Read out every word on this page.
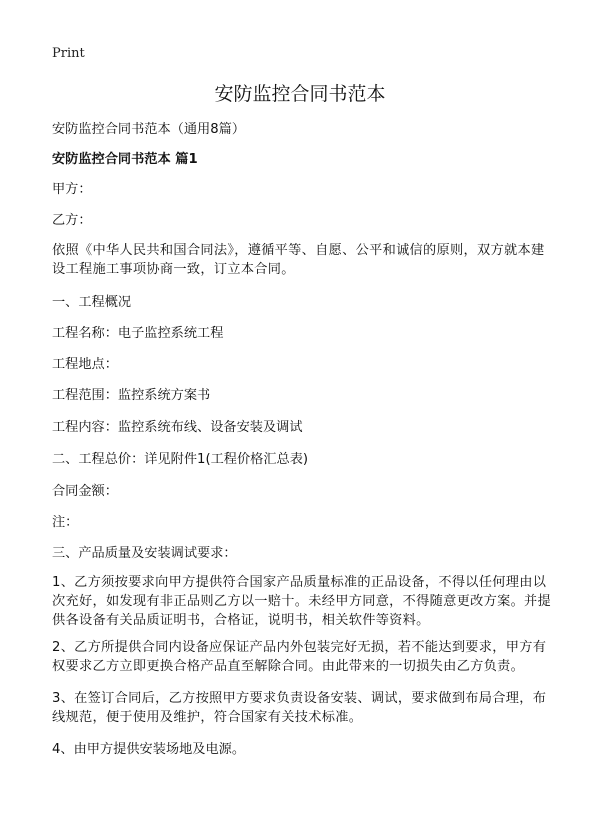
Print
安防监控合同书范本

安防监控合同书范本（通用8篇）

安防监控合同书范本 篇1

甲方：

乙方：

依照《中华人民共和国合同法》，遵循平等、自愿、公平和诚信的原则，双方就本建设工程施工事项协商一致，订立本合同。

一、工程概况

工程名称：电子监控系统工程

工程地点：

工程范围：监控系统方案书

工程内容：监控系统布线、设备安装及调试

二、工程总价：详见附件1(工程价格汇总表)

合同金额：

注：

三、产品质量及安装调试要求：

1、乙方须按要求向甲方提供符合国家产品质量标准的正品设备，不得以任何理由以次充好，如发现有非正品则乙方以一赔十。未经甲方同意，不得随意更改方案。并提供各设备有关品质证明书，合格证，说明书，相关软件等资料。

2、乙方所提供合同内设备应保证产品内外包装完好无损，若不能达到要求，甲方有权要求乙方立即更换合格产品直至解除合同。由此带来的一切损失由乙方负责。

3、在签订合同后，乙方按照甲方要求负责设备安装、调试，要求做到布局合理，布线规范，便于使用及维护，符合国家有关技术标准。

4、由甲方提供安装场地及电源。
